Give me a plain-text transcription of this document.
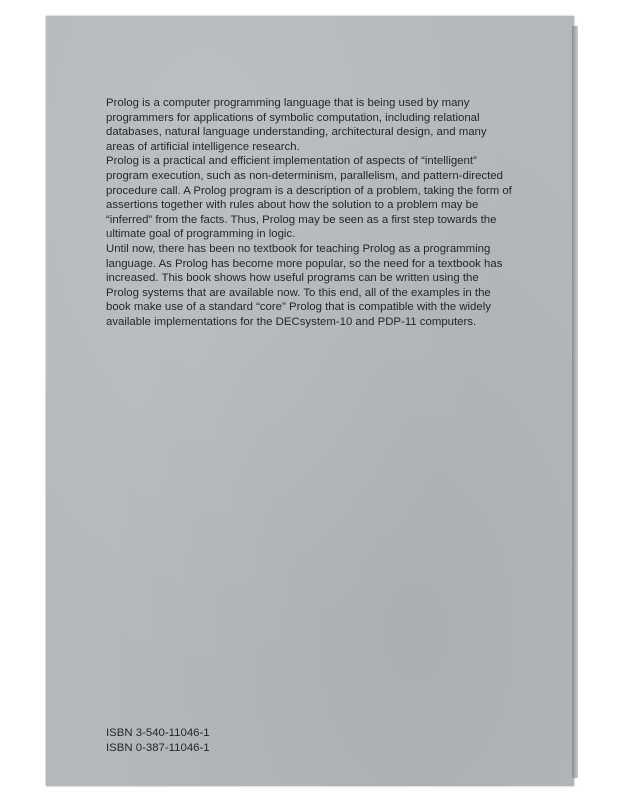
Prolog is a computer programming language that is being used by many programmers for applications of symbolic computation, including relational databases, natural language understanding, architectural design, and many areas of artificial intelligence research.

Prolog is a practical and efficient implementation of aspects of “intelligent” program execution, such as non-determinism, parallelism, and pattern-directed procedure call. A Prolog program is a description of a problem, taking the form of assertions together with rules about how the solution to a problem may be “inferred” from the facts. Thus, Prolog may be seen as a first step towards the ultimate goal of programming in logic.

Until now, there has been no textbook for teaching Prolog as a programming language. As Prolog has become more popular, so the need for a textbook has increased. This book shows how useful programs can be written using the Prolog systems that are available now. To this end, all of the examples in the book make use of a standard “core” Prolog that is compatible with the widely available implementations for the DECsystem-10 and PDP-11 computers.

ISBN 3-540-11046-1
ISBN 0-387-11046-1
